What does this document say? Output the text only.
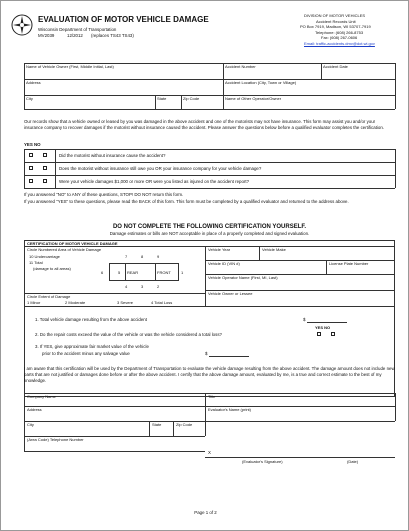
EVALUATION OF MOTOR VEHICLE DAMAGE
Wisconsin Department of Transportation
MV2039	12/2012 (replaces TS43 TS43)
DIVISION OF MOTOR VEHICLES
Accident Records Unit
PO Box 7919, Madison, WI 53707-7919
Telephone: (608) 266-8753
Fax: (608) 267-0606
Email: traffic-accidents.dmv@dot.wi.gov
Name of Vehicle Owner (First, Middle Initial, Last)	Accident Number	Accident Date
Address	Accident Location (City, Town or Village)
City	State	Zip Code	Name of Other Operator/Owner
Our records show that a vehicle owned or leased by you was damaged in the above accident and one of the motorists may not have insurance. This form may assist you and/or your insurance company to recover damages if the motorist without insurance caused the accident. Please answer the questions below before a qualified evaluator completes the certification.
YES NO
Did the motorist without insurance cause the accident?
Does the motorist without insurance still owe you OR your insurance company for your vehicle damage?
Were your vehicle damages $1,000 or more OR were you listed as injured on the accident report?
If you answered "NO" to ANY of these questions, STOP! DO NOT return this form.
If you answered "YES" to these questions, please read the BACK of this form. This form must be completed by a qualified evaluator and returned to the address above.
DO NOT COMPLETE THE FOLLOWING CERTIFICATION YOURSELF.
Damage estimates or bills are NOT acceptable in place of a properly completed and signed evaluation.
CERTIFICATION OF MOTOR VEHICLE DAMAGE
Circle Numbered Area of Vehicle Damage
10 Undercarriage
11 Total
(damage to all areas)
7	8	9
6	5	1
4	3	2
REAR	FRONT
Vehicle Year	Vehicle Make
Vehicle ID (VIN #)	License Plate Number
Vehicle Operator Name (First, MI, Last)
Vehicle Owner or Lessee
Circle Extent of Damage
1 Minor	2 Moderate	3 Severe	4 Total Loss
1. Total vehicle damage resulting from the above accident	$
YES NO
2. Do the repair costs exceed the value of the vehicle or was the vehicle considered a total loss?
3. If YES, give approximate fair market value of the vehicle
prior to the accident minus any salvage value	$
I am aware that this certification will be used by the Department of Transportation to evaluate the vehicle damage resulting from the above accident. The damage amount does not include new parts that are not justified or damages done before or after the above accident. I certify that the above damage amount, evaluated by me, is a true and correct estimate to the best of my knowledge.
Company Name	Title
Address	Evaluator's Name (print)
City	State	Zip Code
(Area Code) Telephone Number
X
(Evaluator's Signature)	(Date)
Page 1 of 2
